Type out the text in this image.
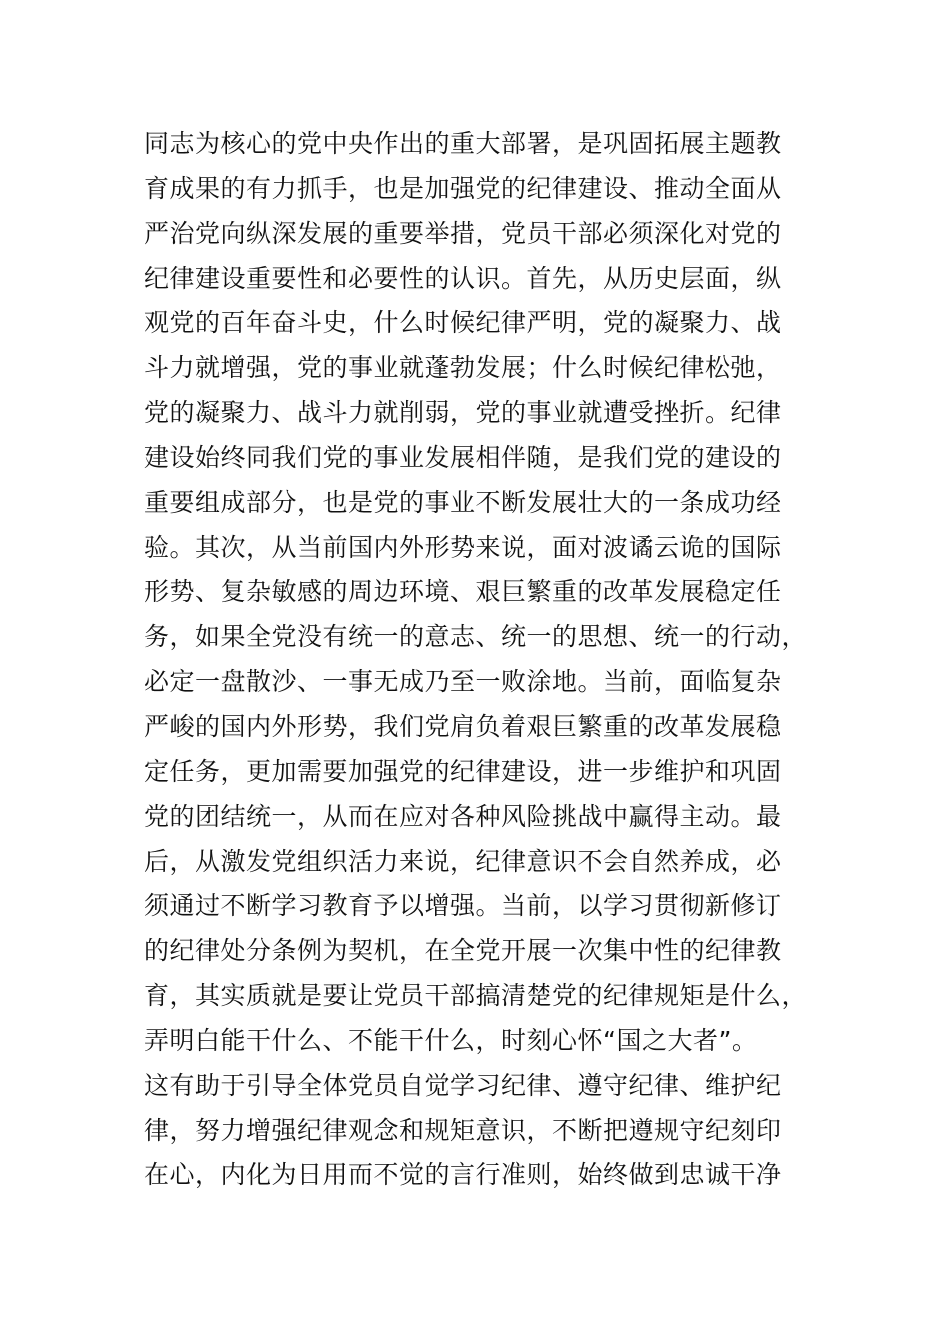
同志为核心的党中央作出的重大部署，是巩固拓展主题教
育成果的有力抓手，也是加强党的纪律建设、推动全面从
严治党向纵深发展的重要举措，党员干部必须深化对党的
纪律建设重要性和必要性的认识。首先，从历史层面，纵
观党的百年奋斗史，什么时候纪律严明，党的凝聚力、战
斗力就增强，党的事业就蓬勃发展；什么时候纪律松弛，
党的凝聚力、战斗力就削弱，党的事业就遭受挫折。纪律
建设始终同我们党的事业发展相伴随，是我们党的建设的
重要组成部分，也是党的事业不断发展壮大的一条成功经
验。其次，从当前国内外形势来说，面对波谲云诡的国际
形势、复杂敏感的周边环境、艰巨繁重的改革发展稳定任
务，如果全党没有统一的意志、统一的思想、统一的行动，
必定一盘散沙、一事无成乃至一败涂地。当前，面临复杂
严峻的国内外形势，我们党肩负着艰巨繁重的改革发展稳
定任务，更加需要加强党的纪律建设，进一步维护和巩固
党的团结统一，从而在应对各种风险挑战中赢得主动。最
后，从激发党组织活力来说，纪律意识不会自然养成，必
须通过不断学习教育予以增强。当前，以学习贯彻新修订
的纪律处分条例为契机，在全党开展一次集中性的纪律教
育，其实质就是要让党员干部搞清楚党的纪律规矩是什么，
弄明白能干什么、不能干什么，时刻心怀“国之大者”。
这有助于引导全体党员自觉学习纪律、遵守纪律、维护纪
律，努力增强纪律观念和规矩意识，不断把遵规守纪刻印
在心，内化为日用而不觉的言行准则，始终做到忠诚干净
